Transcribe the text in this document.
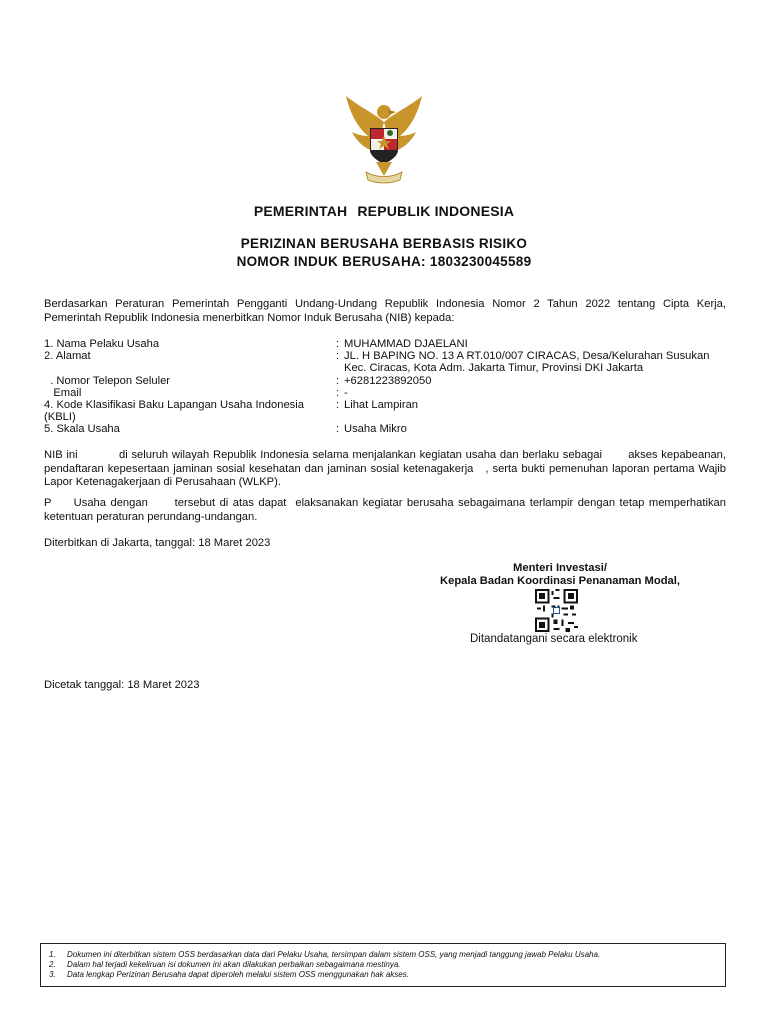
PEMERINTAH REPUBLIK INDONESIA
PERIZINAN BERUSAHA BERBASIS RISIKO
NOMOR INDUK BERUSAHA: 1803230045589
Berdasarkan Peraturan Pemerintah Pengganti Undang-Undang Republik Indonesia Nomor 2 Tahun 2022 tentang Cipta Kerja, Pemerintah Republik Indonesia menerbitkan Nomor Induk Berusaha (NIB) kepada:
1. Nama Pelaku Usaha	: MUHAMMAD DJAELANI
2. Alamat	: JL. H BAPING NO. 13 A RT.010/007 CIRACAS, Desa/Kelurahan Susukan Kec. Ciracas, Kota Adm. Jakarta Timur, Provinsi DKI Jakarta
. Nomor Telepon Seluler	: +6281223892050
Email	: -
4. Kode Klasifikasi Baku Lapangan Usaha Indonesia (KBLI)
: Lihat Lampiran
5. Skala Usaha	: Usaha Mikro
NIB ini           di seluruh wilayah Republik Indonesia selama menjalankan kegiatan usaha dan berlaku sebagai       akses kepabeanan, pendaftaran kepesertaan jaminan sosial kesehatan dan jaminan sosial ketenagakerja   , serta bukti pemenuhan laporan pertama Wajib Lapor Ketenagakerjaan di Perusahaan (WLKP).
P     Usaha dengan      tersebut di atas dapat  elaksanakan kegiatar berusaha sebagaimana terlampir dengan tetap memperhatikan ketentuan peraturan perundang-undangan.
Diterbitkan di Jakarta, tanggal: 18 Maret 2023
Menteri Investasi/
Kepala Badan Koordinasi Penanaman Modal,
Ditandatangani secara elektronik
Dicetak tanggal: 18 Maret 2023
1.	Dokumen ini diterbitkan sistem OSS berdasarkan data dari Pelaku Usaha, tersimpan dalam sistem OSS, yang menjadi tanggung jawab Pelaku Usaha.
2.	Dalam hal terjadi kekeliruan isi dokumen ini akan dilakukan perbaikan sebagaimana mestinya.
3.	Data lengkap Perizinan Berusaha dapat diperoleh melalui sistem OSS menggunakan hak akses.
